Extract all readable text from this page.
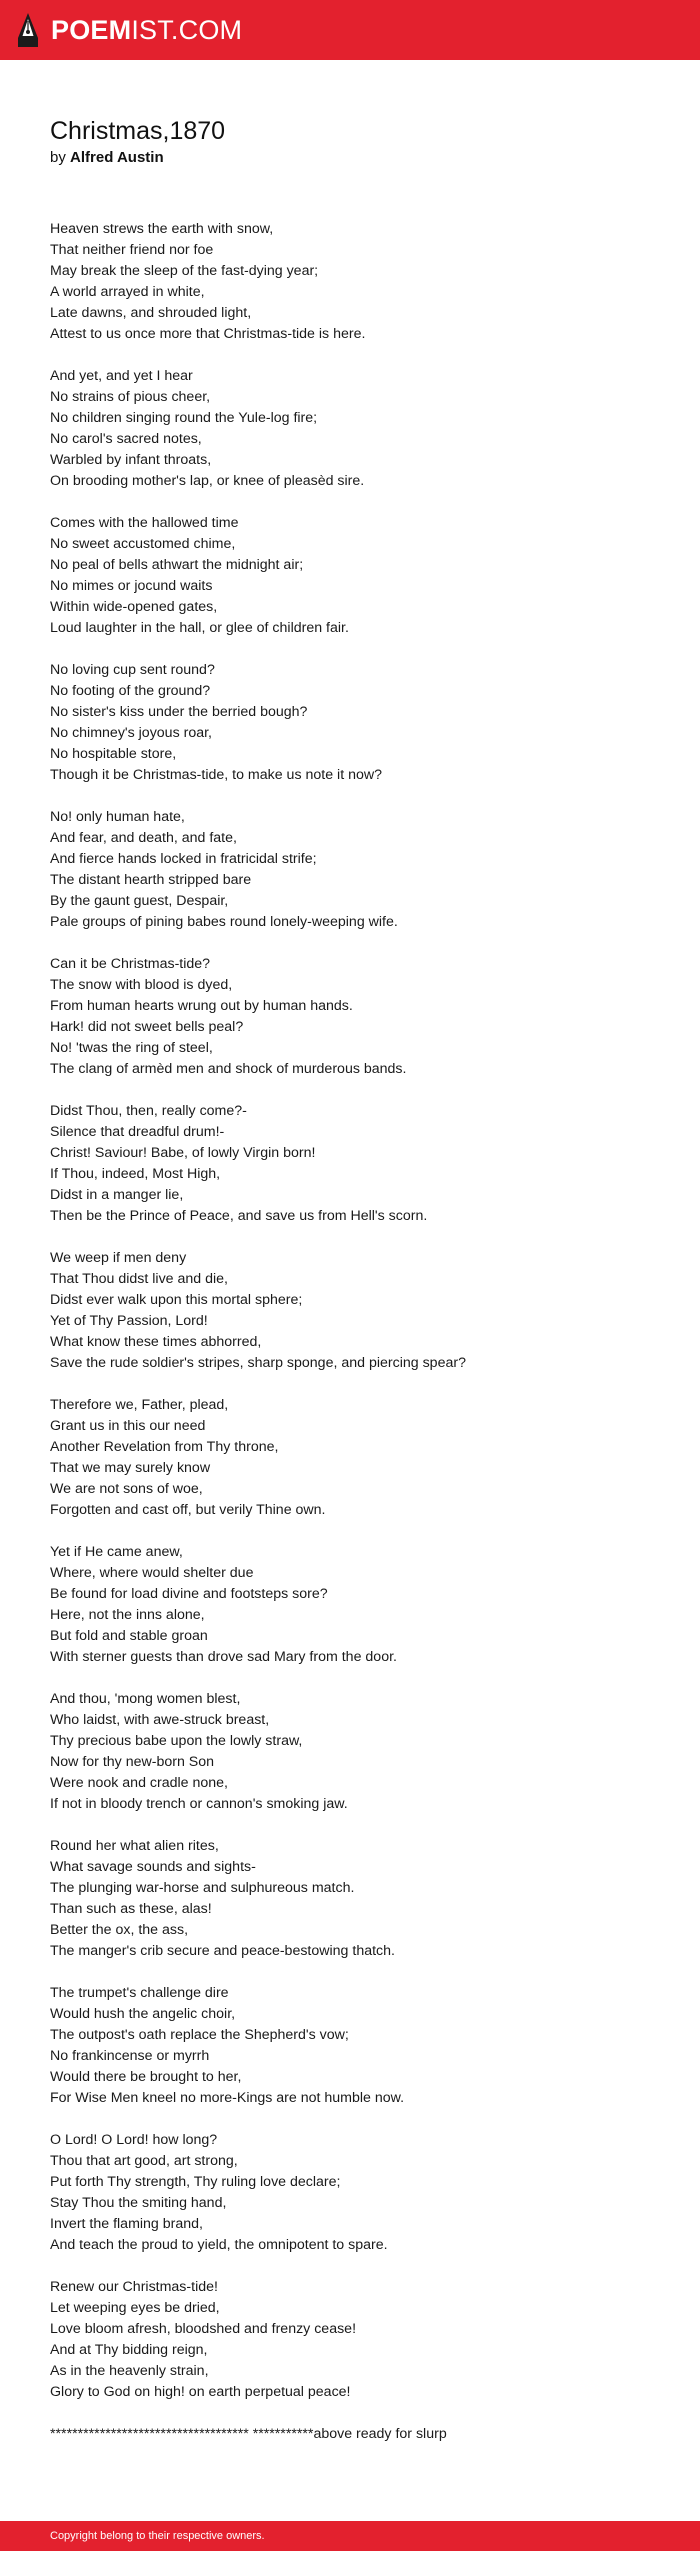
POEMIST.COM
Christmas,1870
by Alfred Austin
Heaven strews the earth with snow,
That neither friend nor foe
May break the sleep of the fast-dying year;
A world arrayed in white,
Late dawns, and shrouded light,
Attest to us once more that Christmas-tide is here.
And yet, and yet I hear
No strains of pious cheer,
No children singing round the Yule-log fire;
No carol's sacred notes,
Warbled by infant throats,
On brooding mother's lap, or knee of pleasèd sire.
Comes with the hallowed time
No sweet accustomed chime,
No peal of bells athwart the midnight air;
No mimes or jocund waits
Within wide-opened gates,
Loud laughter in the hall, or glee of children fair.
No loving cup sent round?
No footing of the ground?
No sister's kiss under the berried bough?
No chimney's joyous roar,
No hospitable store,
Though it be Christmas-tide, to make us note it now?
No! only human hate,
And fear, and death, and fate,
And fierce hands locked in fratricidal strife;
The distant hearth stripped bare
By the gaunt guest, Despair,
Pale groups of pining babes round lonely-weeping wife.
Can it be Christmas-tide?
The snow with blood is dyed,
From human hearts wrung out by human hands.
Hark! did not sweet bells peal?
No! 'twas the ring of steel,
The clang of armèd men and shock of murderous bands.
Didst Thou, then, really come?-
Silence that dreadful drum!-
Christ! Saviour! Babe, of lowly Virgin born!
If Thou, indeed, Most High,
Didst in a manger lie,
Then be the Prince of Peace, and save us from Hell's scorn.
We weep if men deny
That Thou didst live and die,
Didst ever walk upon this mortal sphere;
Yet of Thy Passion, Lord!
What know these times abhorred,
Save the rude soldier's stripes, sharp sponge, and piercing spear?
Therefore we, Father, plead,
Grant us in this our need
Another Revelation from Thy throne,
That we may surely know
We are not sons of woe,
Forgotten and cast off, but verily Thine own.
Yet if He came anew,
Where, where would shelter due
Be found for load divine and footsteps sore?
Here, not the inns alone,
But fold and stable groan
With sterner guests than drove sad Mary from the door.
And thou, 'mong women blest,
Who laidst, with awe-struck breast,
Thy precious babe upon the lowly straw,
Now for thy new-born Son
Were nook and cradle none,
If not in bloody trench or cannon's smoking jaw.
Round her what alien rites,
What savage sounds and sights-
The plunging war-horse and sulphureous match.
Than such as these, alas!
Better the ox, the ass,
The manger's crib secure and peace-bestowing thatch.
The trumpet's challenge dire
Would hush the angelic choir,
The outpost's oath replace the Shepherd's vow;
No frankincense or myrrh
Would there be brought to her,
For Wise Men kneel no more-Kings are not humble now.
O Lord! O Lord! how long?
Thou that art good, art strong,
Put forth Thy strength, Thy ruling love declare;
Stay Thou the smiting hand,
Invert the flaming brand,
And teach the proud to yield, the omnipotent to spare.
Renew our Christmas-tide!
Let weeping eyes be dried,
Love bloom afresh, bloodshed and frenzy cease!
And at Thy bidding reign,
As in the heavenly strain,
Glory to God on high! on earth perpetual peace!
************************************ ***********above ready for slurp
Copyright belong to their respective owners.
